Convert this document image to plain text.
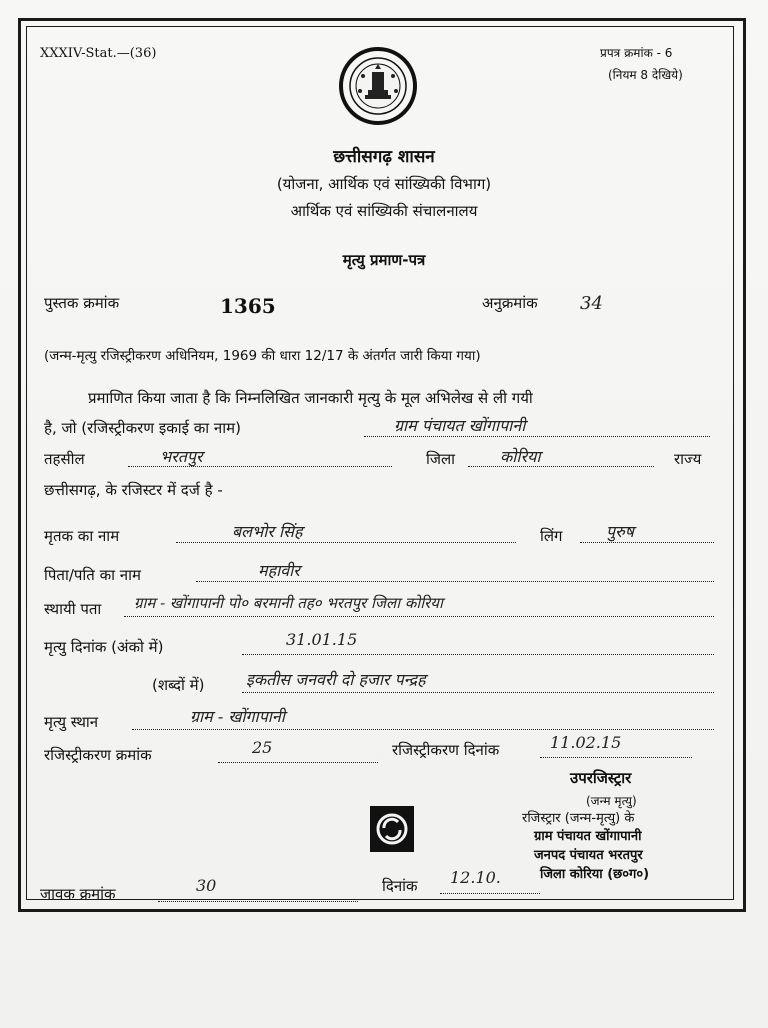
XXXIV-Stat.—(36)	प्रपत्र क्रमांक - 6
(नियम 8 देखिये)
छत्तीसगढ़ शासन
(योजना, आर्थिक एवं सांख्यिकी विभाग)
आर्थिक एवं सांख्यिकी संचालनालय
मृत्यु प्रमाण-पत्र
पुस्तक क्रमांक	1365	अनुक्रमांक 34
(जन्म-मृत्यु रजिस्ट्रीकरण अधिनियम, 1969 की धारा 12/17 के अंतर्गत जारी किया गया)
प्रमाणित किया जाता है कि निम्नलिखित जानकारी मृत्यु के मूल अभिलेख से ली गयी
है, जो (रजिस्ट्रीकरण इकाई का नाम)	ग्राम पंचायत खोंगापानी
तहसील	भरतपुर	जिला	कोरिया	राज्य
छत्तीसगढ़, के रजिस्टर में दर्ज है -
मृतक का नाम	बलभोर सिंह	लिंग	पुरुष
पिता/पति का नाम	महावीर
स्थायी पता ग्राम - खोंगापानी पो० बरमानी तह० भरतपुर जिला कोरिया
मृत्यु दिनांक (अंको में)	31.01.15
(शब्दों में)	इकतीस जनवरी दो हजार पन्द्रह
मृत्यु स्थान	ग्राम - खोंगापानी
रजिस्ट्रीकरण क्रमांक	25	रजिस्ट्रीकरण दिनांक	11.02.15
उपरजिस्ट्रार
(जन्म मृत्यु)
रजिस्ट्रार (जन्म-मृत्यु) के
ग्राम पंचायत खोंगापानी
जनपद पंचायत भरतपुर
जिला कोरिया (छ०ग०)
जावक क्रमांक	30	दिनांक 12.10.
